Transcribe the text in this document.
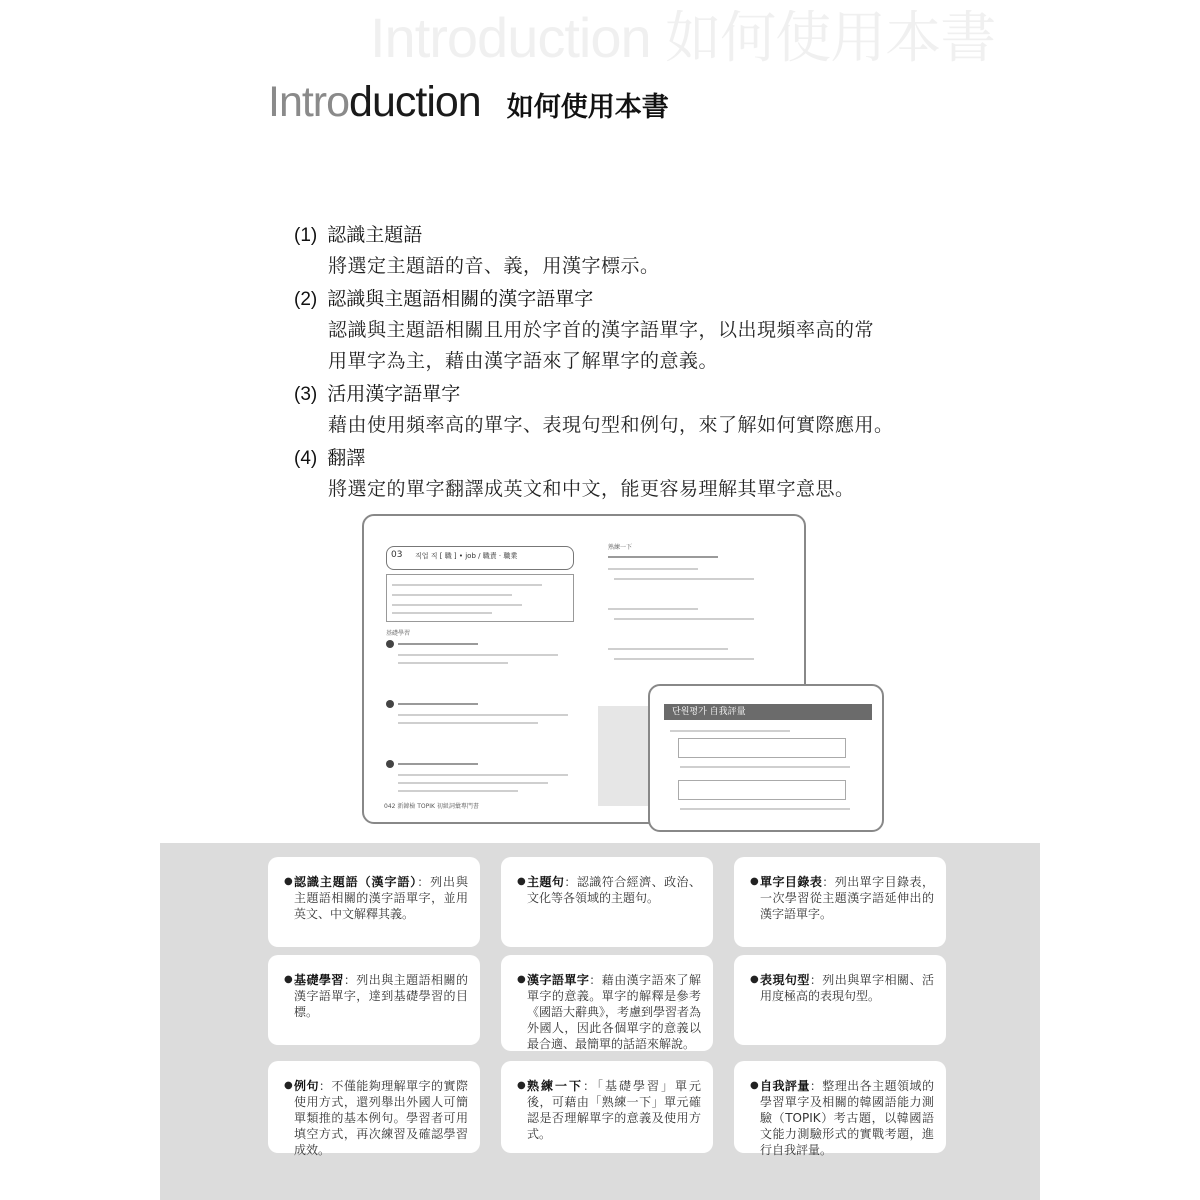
Introduction 如何使用本書
Introduction 如何使用本書
(1) 認識主題語
將選定主題語的音、義，用漢字標示。
(2) 認識與主題語相關的漢字語單字
認識與主題語相關且用於字首的漢字語單字，以出現頻率高的常
用單字為主，藉由漢字語來了解單字的意義。
(3) 活用漢字語單字
藉由使用頻率高的單字、表現句型和例句，來了解如何實際應用。
(4) 翻譯
將選定的單字翻譯成英文和中文，能更容易理解其單字意思。
03 직업 직 [ 職 ] • job / 職責 · 職業
基礎學習
042 新韓檢 TOPIK 初級詞彙專門書
熟練一下
단원평가 自我評量
● 認識主題語（漢字語）：列出與主題語相關的漢字語單字，並用英文、中文解釋其義。
● 主題句：認識符合經濟、政治、文化等各領域的主題句。
● 單字目錄表：列出單字目錄表，一次學習從主題漢字語延伸出的漢字語單字。
● 基礎學習：列出與主題語相關的漢字語單字，達到基礎學習的目標。
● 漢字語單字：藉由漢字語來了解單字的意義。單字的解釋是參考《國語大辭典》，考慮到學習者為外國人，因此各個單字的意義以最合適、最簡單的話語來解說。
● 表現句型：列出與單字相關、活用度極高的表現句型。
● 例句：不僅能夠理解單字的實際使用方式，還列舉出外國人可簡單類推的基本例句。學習者可用填空方式，再次練習及確認學習成效。
● 熟練一下：「基礎學習」單元後，可藉由「熟練一下」單元確認是否理解單字的意義及使用方式。
● 自我評量：整理出各主題領域的學習單字及相關的韓國語能力測驗（TOPIK）考古題，以韓國語文能力測驗形式的實戰考題，進行自我評量。
